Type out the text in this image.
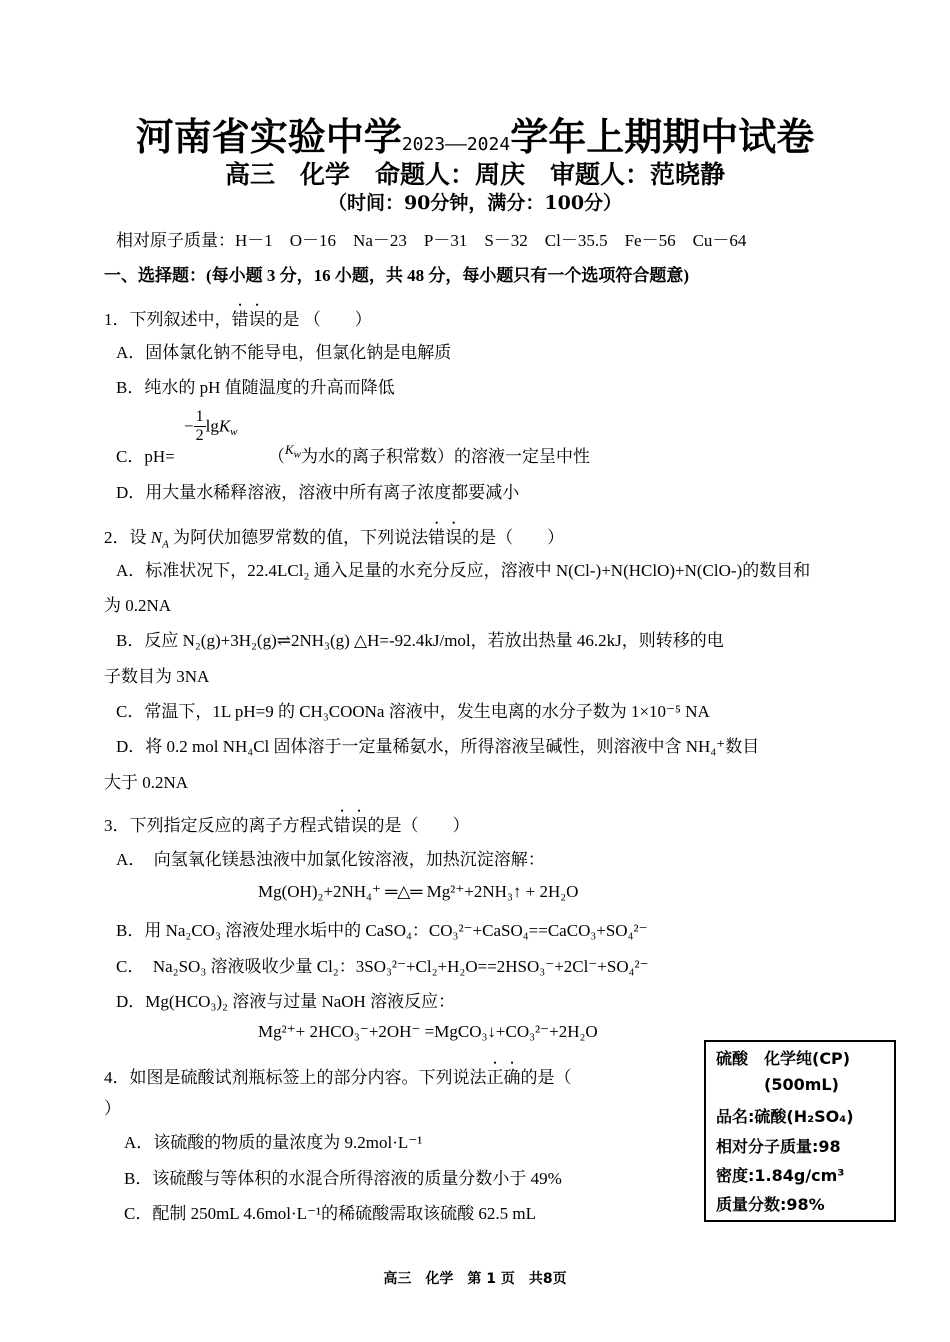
河南省实验中学2023——2024学年上期期中试卷
高三　化学　命题人：周庆　审题人：范晓静
（时间：90分钟，满分：100分）
相对原子质量：H－1　O－16　Na－23　P－31　S－32　Cl－35.5　Fe－56　Cu－64
一、选择题：(每小题 3 分，16 小题，共 48 分，每小题只有一个选项符合题意)
1．下列叙述中，错误的是 （　　）
A．固体氯化钠不能导电，但氯化钠是电解质
B．纯水的 pH 值随温度的升高而降低
C．pH=
− $\frac{1}{2} \lg K_w$
（$^{K_w}$为水的离子积常数）的溶液一定呈中性
D．用大量水稀释溶液，溶液中所有离子浓度都要减小
2．设 $N_A$ 为阿伏加德罗常数的值，下列说法错误的是（　　）
A．标准状况下，22.4LCl₂ 通入足量的水充分反应，溶液中 N(Cl-)+N(HClO)+N(ClO-)的数目和
为 0.2NA
B．反应 N₂(g)+3H₂(g)⇌2NH₃(g) △H=-92.4kJ/mol，若放出热量 46.2kJ，则转移的电
子数目为 3NA
C．常温下，1L pH=9 的 CH₃COONa 溶液中，发生电离的水分子数为 1×10⁻⁵ NA
D．将 0.2 mol NH₄Cl 固体溶于一定量稀氨水，所得溶液呈碱性，则溶液中含 NH₄⁺数目
大于 0.2NA
3．下列指定反应的离子方程式错误的是（　　）
A．　向氢氧化镁悬浊液中加氯化铵溶液，加热沉淀溶解：
Mg(OH)₂+2NH₄⁺ ═△═ Mg²⁺+2NH₃↑ + 2H₂O
B．用 Na₂CO₃ 溶液处理水垢中的 CaSO₄：CO₃²⁻+CaSO₄==CaCO₃+SO₄²⁻
C．　Na₂SO₃ 溶液吸收少量 Cl₂：3SO₃²⁻+Cl₂+H₂O==2HSO₃⁻+2Cl⁻+SO₄²⁻
D．Mg(HCO₃)₂ 溶液与过量 NaOH 溶液反应：
Mg²⁺+ 2HCO₃⁻+2OH⁻ =MgCO₃↓+CO₃²⁻+2H₂O
4．如图是硫酸试剂瓶标签上的部分内容。下列说法正确的是（
）
A．该硫酸的物质的量浓度为 9.2mol·L⁻¹
B．该硫酸与等体积的水混合所得溶液的质量分数小于 49%
C．配制 250mL 4.6mol·L⁻¹的稀硫酸需取该硫酸 62.5 mL
硫酸　化学纯(CP)
(500mL)
品名:硫酸(H₂SO₄)
相对分子质量:98
密度:1.84g/cm³
质量分数:98%
高三　化学　第 1 页　共8页
